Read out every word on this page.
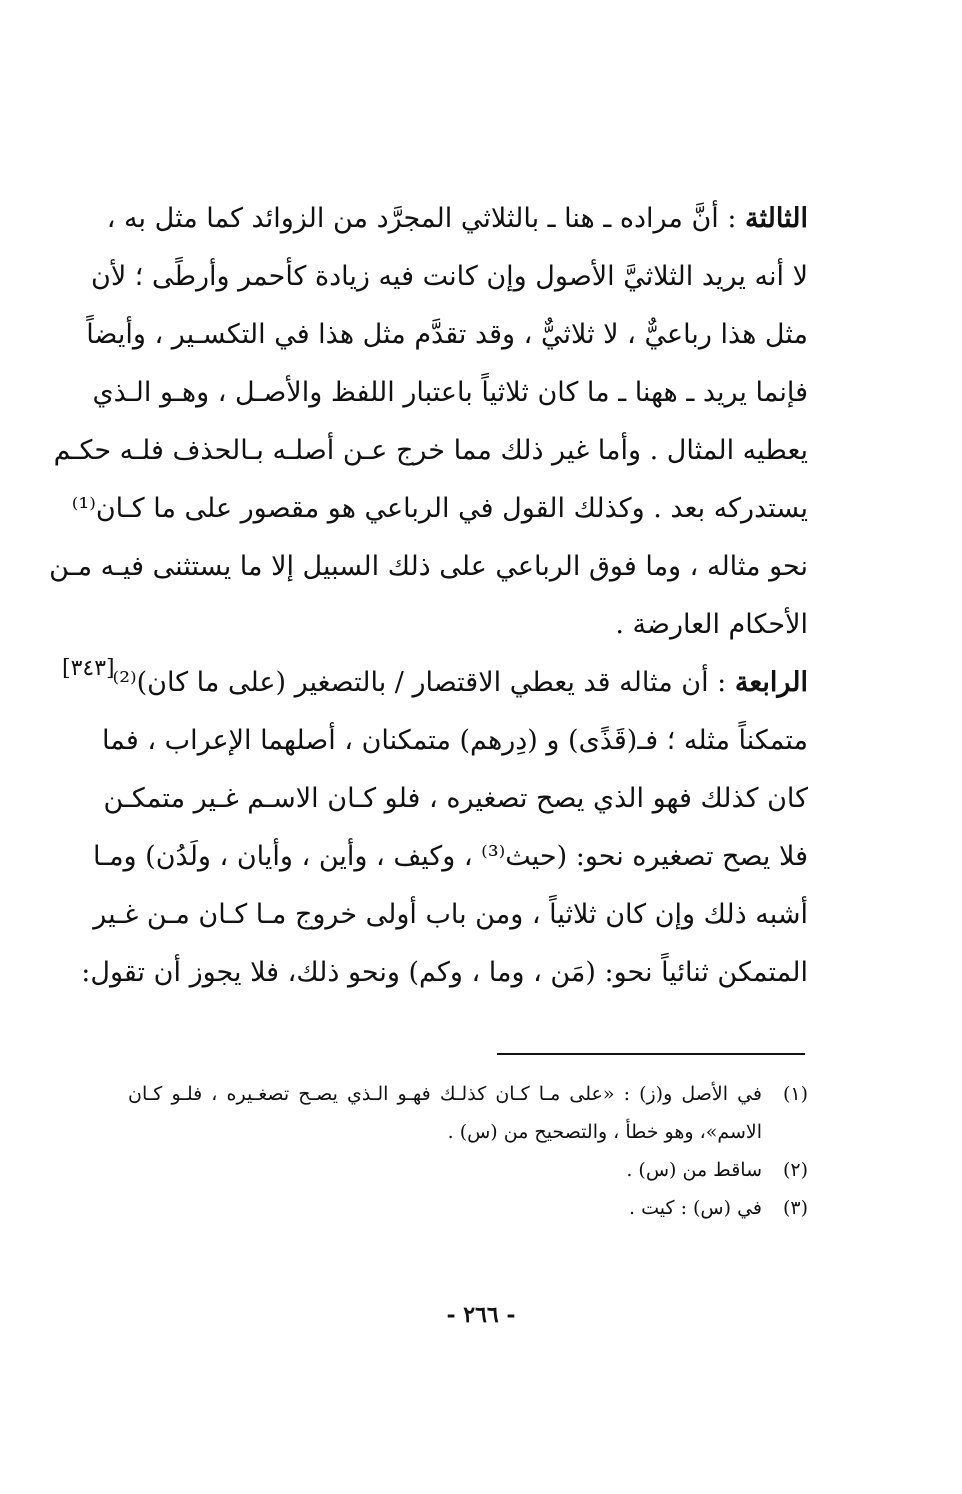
الثالثة : أنَّ مراده ـ هنا ـ بالثلاثي المجرَّد من الزوائد كما مثل به ،
لا أنه يريد الثلاثيَّ الأصول وإن كانت فيه زيادة كأحمر وأرطًى ؛ لأن
مثل هذا رباعيٌّ ، لا ثلاثيٌّ ، وقد تقدَّم مثل هذا في التكسـير ، وأيضاً
فإنما يريد ـ ههنا ـ ما كان ثلاثياً باعتبار اللفظ والأصـل ، وهـو الـذي
يعطيه المثال . وأما غير ذلك مما خرج عـن أصلـه بـالحذف فلـه حكـم
يستدركه بعد . وكذلك القول في الرباعي هو مقصور على ما كـان⁽¹⁾
نحو مثاله ، وما فوق الرباعي على ذلك السبيل إلا ما يستثنى فيـه مـن
الأحكام العارضة .
الرابعة : أن مثاله قد يعطي الاقتصار / بالتصغير (على ما كان)⁽²⁾
متمكناً مثله ؛ فـ(قَذًى) و (دِرهم) متمكنان ، أصلهما الإعراب ، فما
كان كذلك فهو الذي يصح تصغيره ، فلو كـان الاسـم غـير متمكـن
فلا يصح تصغيره نحو: (حيث⁽³⁾ ، وكيف ، وأين ، وأيان ، ولَدُن) ومـا
أشبه ذلك وإن كان ثلاثياً ، ومن باب أولى خروج مـا كـان مـن غـير
المتمكن ثنائياً نحو: (مَن ، وما ، وكم) ونحو ذلك، فلا يجوز أن تقول:
[٣٤٣]
(١)
في الأصل و(ز) : «على مـا كـان كذلـك فهـو الـذي يصـح تصغـيره ، فلـو كـان
الاسم»، وهو خطأ ، والتصحيح من (س) .
(٢)
ساقط من (س) .
(٣)
في (س) : كيت .
- ٢٦٦ -
